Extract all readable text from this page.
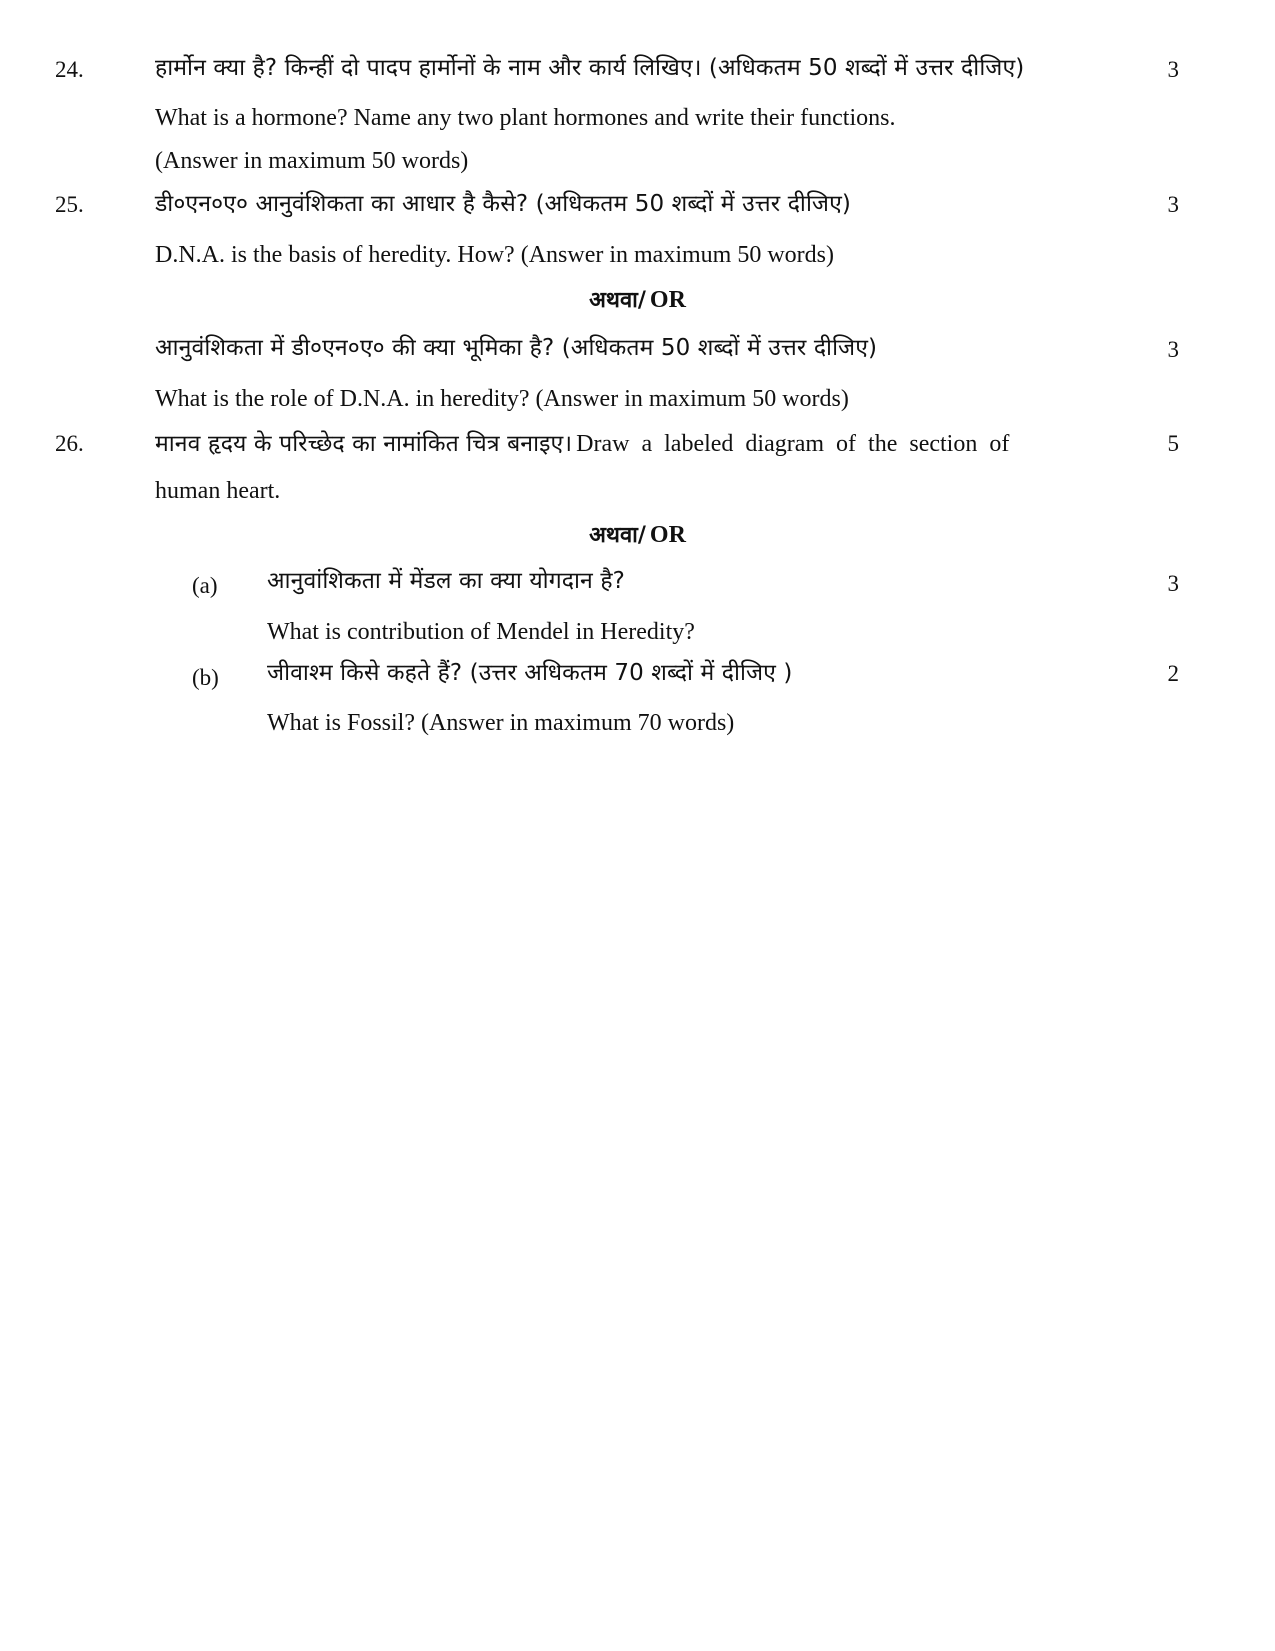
24.	हार्मोन क्या है? किन्हीं दो पादप हार्मोनों के नाम और कार्य लिखिए। (अधिकतम 50 शब्दों में उत्तर दीजिए)	3
What is a hormone? Name any two plant hormones and write their functions.
(Answer in maximum 50 words)
25.	डी०एन०ए० आनुवंशिकता का आधार है कैसे? (अधिकतम 50 शब्दों में उत्तर दीजिए)	3
D.N.A. is the basis of heredity. How? (Answer in maximum 50 words)
अथवा/ OR
आनुवंशिकता में डी०एन०ए० की क्या भूमिका है? (अधिकतम 50 शब्दों में उत्तर दीजिए)	3
What is the role of D.N.A. in heredity? (Answer in maximum 50 words)
26.	मानव हृदय के परिच्छेद का नामांकित चित्र बनाइए। Draw a labeled diagram of the section of	5
human heart.
अथवा/ OR
(a) आनुवांशिकता में मेंडल का क्या योगदान है?	3
What is contribution of Mendel in Heredity?
(b) जीवाश्म किसे कहते हैं? (उत्तर अधिकतम 70 शब्दों में दीजिए )	2
What is Fossil? (Answer in maximum 70 words)
